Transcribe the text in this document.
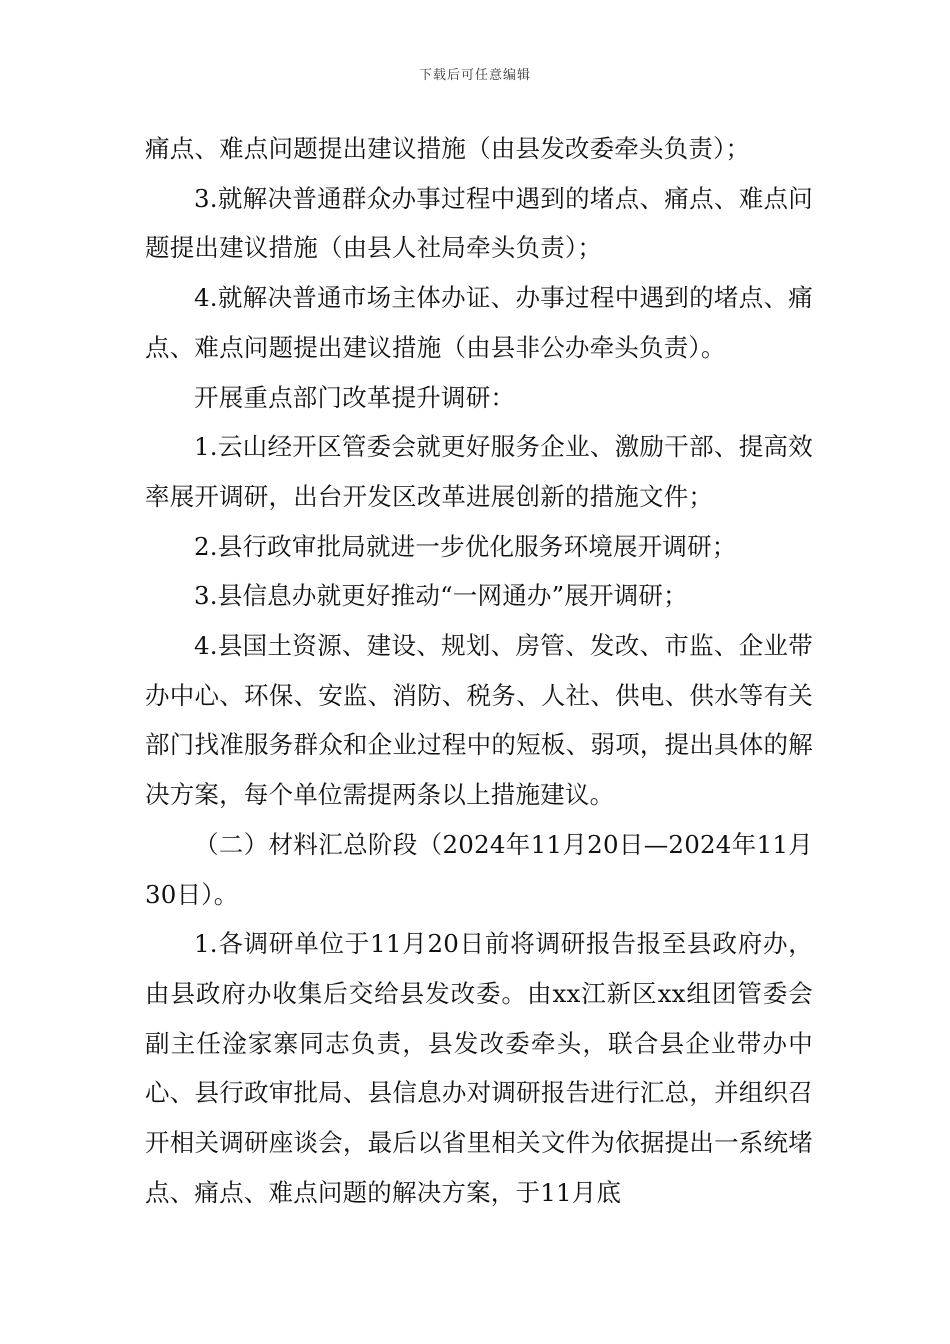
下载后可任意编辑

痛点、难点问题提出建议措施（由县发改委牵头负责）；

3.就解决普通群众办事过程中遇到的堵点、痛点、难点问题提出建议措施（由县人社局牵头负责）；

4.就解决普通市场主体办证、办事过程中遇到的堵点、痛点、难点问题提出建议措施（由县非公办牵头负责）。

开展重点部门改革提升调研：

1.云山经开区管委会就更好服务企业、激励干部、提高效率展开调研，出台开发区改革进展创新的措施文件；

2.县行政审批局就进一步优化服务环境展开调研；

3.县信息办就更好推动“一网通办”展开调研；

4.县国土资源、建设、规划、房管、发改、市监、企业带办中心、环保、安监、消防、税务、人社、供电、供水等有关部门找准服务群众和企业过程中的短板、弱项，提出具体的解决方案，每个单位需提两条以上措施建议。

（二）材料汇总阶段（2024年11月20日—2024年11月30日）。

1.各调研单位于11月20日前将调研报告报至县政府办，由县政府办收集后交给县发改委。由xx江新区xx组团管委会副主任淦家寨同志负责，县发改委牵头，联合县企业带办中心、县行政审批局、县信息办对调研报告进行汇总，并组织召开相关调研座谈会，最后以省里相关文件为依据提出一系统堵点、痛点、难点问题的解决方案，于11月底
